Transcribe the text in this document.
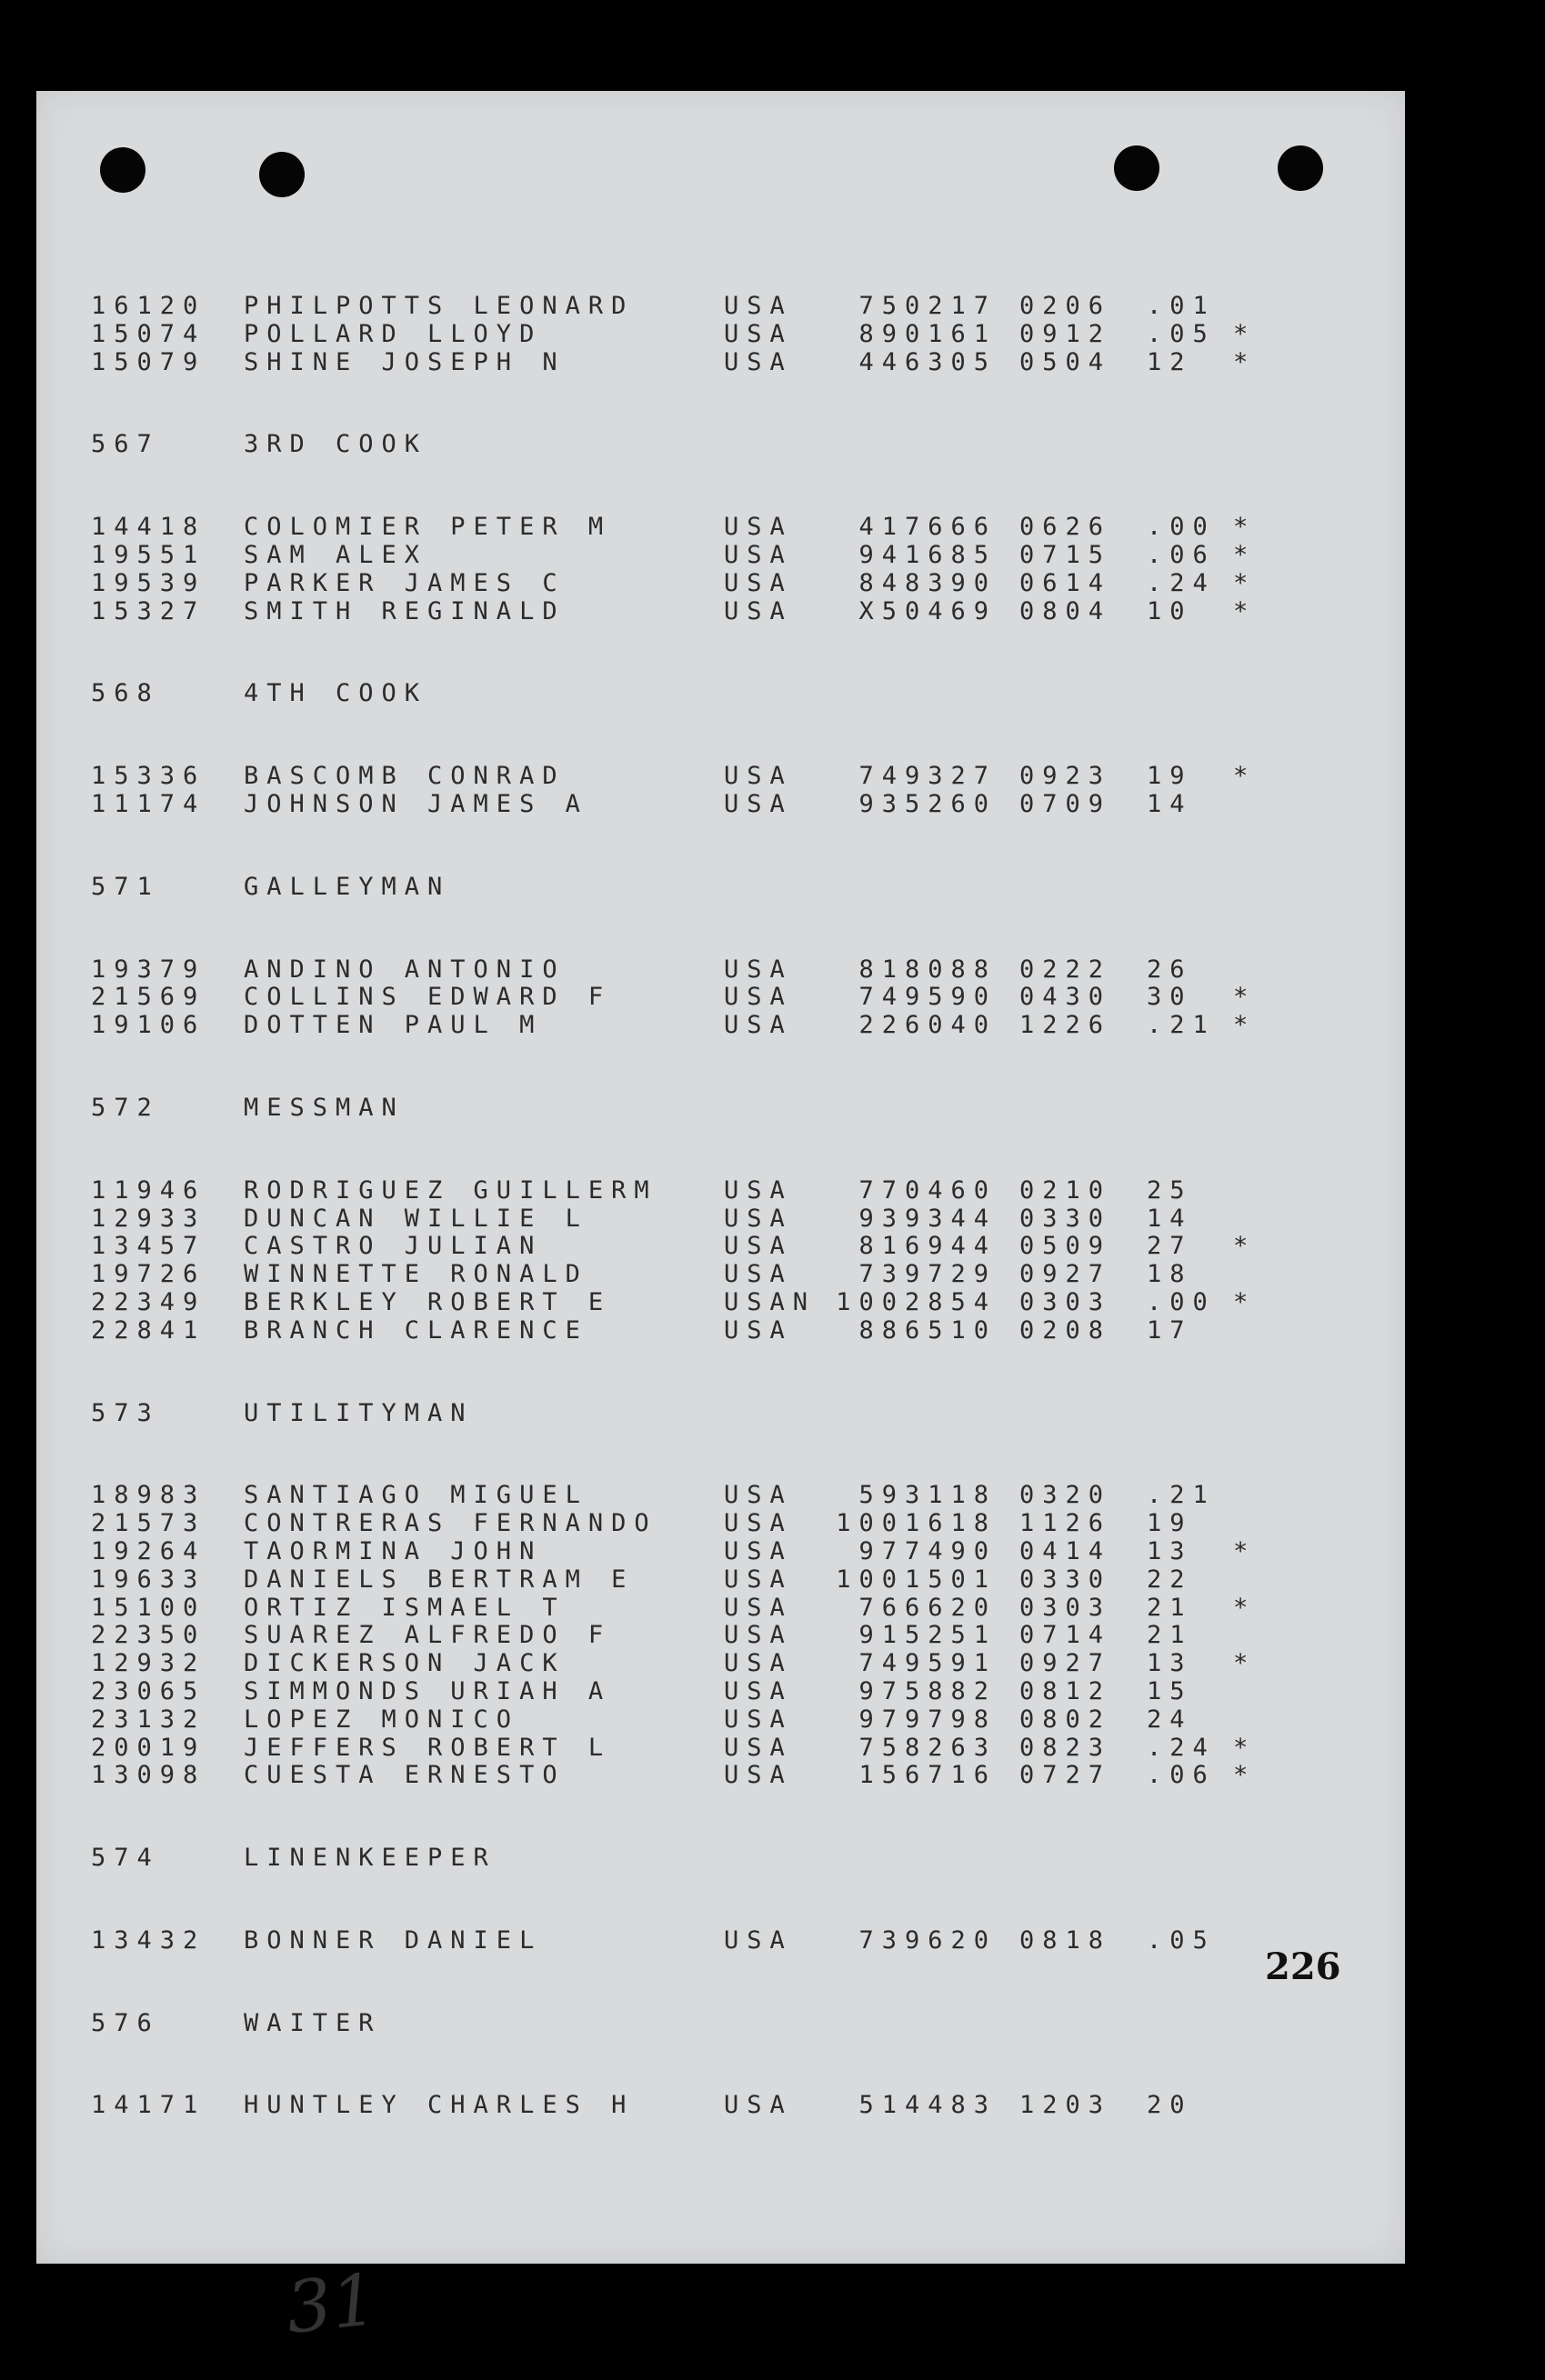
16120	PHILPOTTS LEONARD	USA	750217 0206	.01
15074	POLLARD LLOYD	USA	890161 0912	.05 *
15079	SHINE JOSEPH N	USA	446305 0504	12	*
567	3RD COOK
14418	COLOMIER PETER M	USA	417666 0626	.00 *
19551	SAM ALEX	USA	941685 0715	.06 *
19539	PARKER JAMES C	USA	848390 0614	.24 *
15327	SMITH REGINALD	USA	X50469 0804	10	*
568	4TH COOK
15336	BASCOMB CONRAD	USA	749327 0923	19	*
11174	JOHNSON JAMES A	USA	935260 0709	14
571	GALLEYMAN
19379	ANDINO ANTONIO	USA	818088 0222	26
21569	COLLINS EDWARD F	USA	749590 0430	30	*
19106	DOTTEN PAUL M	USA	226040 1226	.21 *
572	MESSMAN
11946	RODRIGUEZ GUILLERM	USA	770460 0210	25
12933	DUNCAN WILLIE L	USA	939344 0330	14
13457	CASTRO JULIAN	USA	816944 0509	27	*
19726	WINNETTE RONALD	USA	739729 0927	18
22349	BERKLEY ROBERT E	USAN 1002854 0303	.00 *
22841	BRANCH CLARENCE	USA	886510 0208	17
573	UTILITYMAN
18983	SANTIAGO MIGUEL	USA	593118 0320	.21
21573	CONTRERAS FERNANDO	USA	1001618 1126	19
19264	TAORMINA JOHN	USA	977490 0414	13	*
19633	DANIELS BERTRAM E	USA	1001501 0330	22
15100	ORTIZ ISMAEL T	USA	766620 0303	21	*
22350	SUAREZ ALFREDO F	USA	915251 0714	21
12932	DICKERSON JACK	USA	749591 0927	13	*
23065	SIMMONDS URIAH A	USA	975882 0812	15
23132	LOPEZ MONICO	USA	979798 0802	24
20019	JEFFERS ROBERT L	USA	758263 0823	.24 *
13098	CUESTA ERNESTO	USA	156716 0727	.06 *
574	LINENKEEPER
13432	BONNER DANIEL	USA	739620 0818	.05
576	WAITER
14171	HUNTLEY CHARLES H	USA	514483 1203	20
226
31
